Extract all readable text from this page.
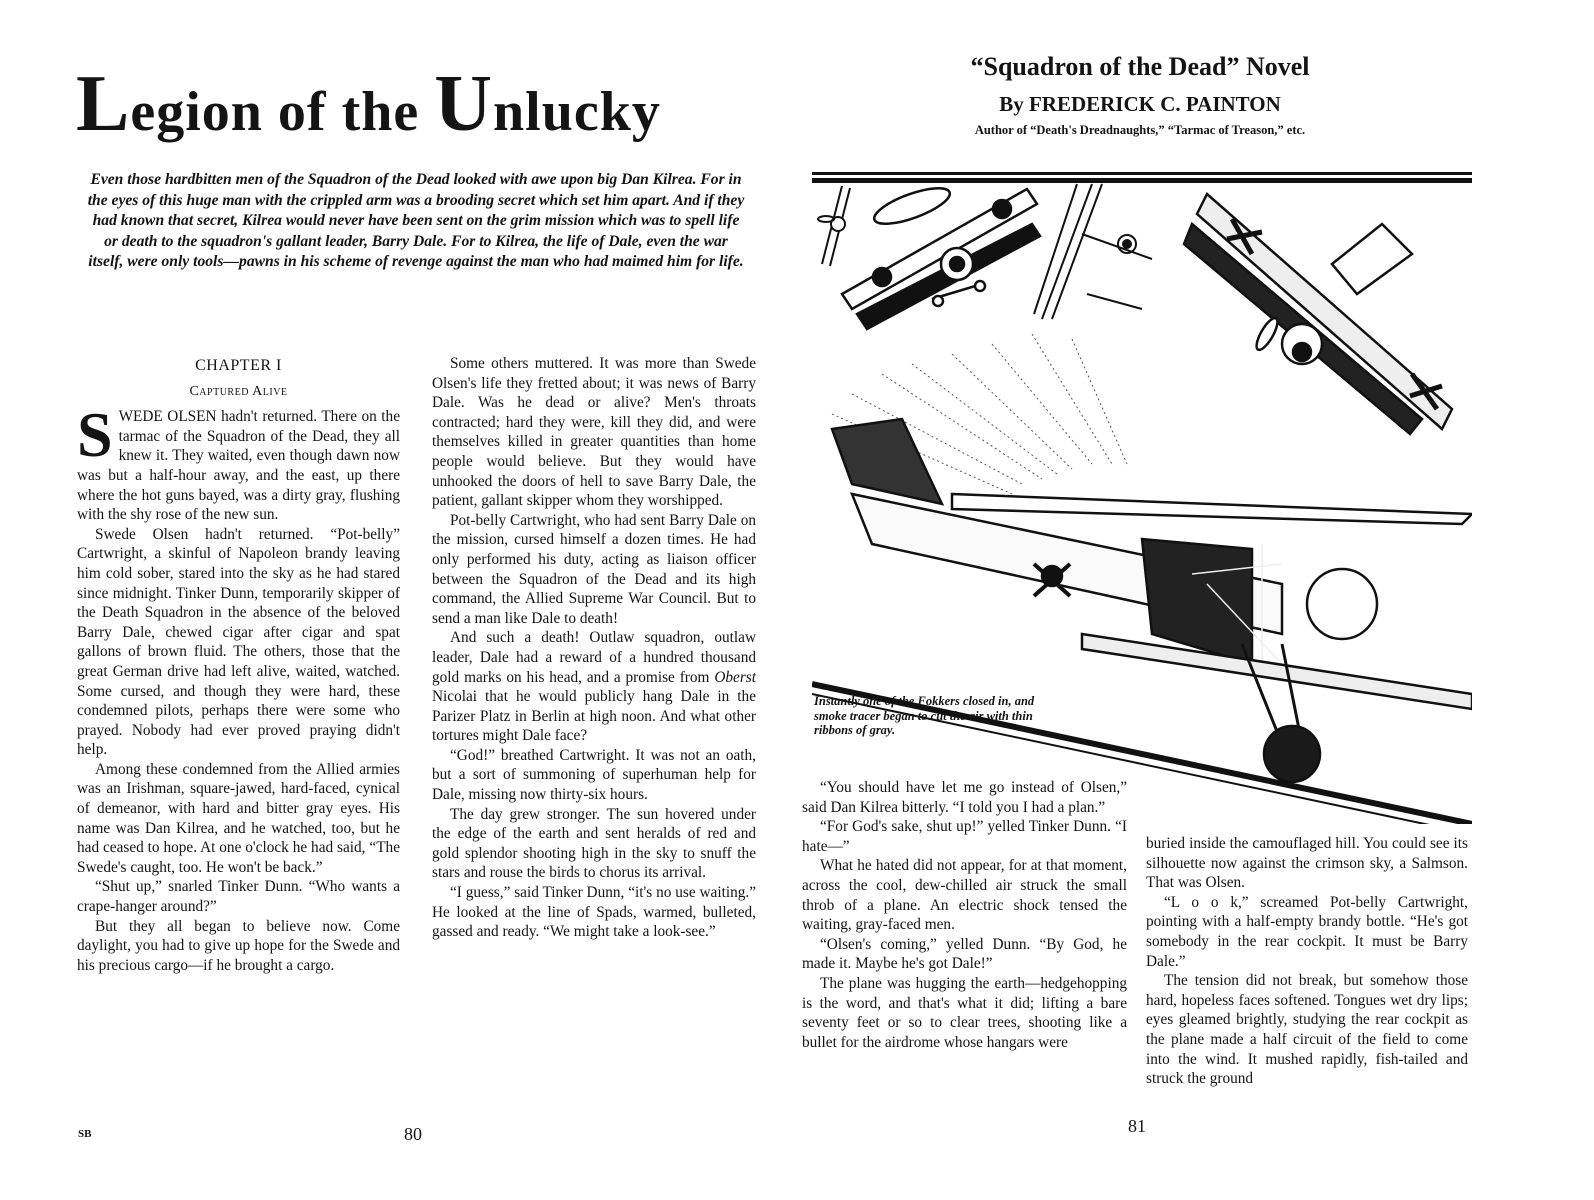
Legion of the Unlucky
Even those hardbitten men of the Squadron of the Dead looked with awe upon big Dan Kilrea. For in the eyes of this huge man with the crippled arm was a brooding secret which set him apart. And if they had known that secret, Kilrea would never have been sent on the grim mission which was to spell life or death to the squadron's gallant leader, Barry Dale. For to Kilrea, the life of Dale, even the war itself, were only tools—pawns in his scheme of revenge against the man who had maimed him for life.
CHAPTER I
Captured Alive

SWEDE OLSEN hadn't returned. There on the tarmac of the Squadron of the Dead, they all knew it. They waited, even though dawn now was but a half-hour away, and the east, up there where the hot guns bayed, was a dirty gray, flushing with the shy rose of the new sun.

Swede Olsen hadn't returned. “Pot-belly” Cartwright, a skinful of Napoleon brandy leaving him cold sober, stared into the sky as he had stared since midnight. Tinker Dunn, temporarily skipper of the Death Squadron in the absence of the beloved Barry Dale, chewed cigar after cigar and spat gallons of brown fluid. The others, those that the great German drive had left alive, waited, watched. Some cursed, and though they were hard, these condemned pilots, perhaps there were some who prayed. Nobody had ever proved praying didn't help.

Among these condemned from the Allied armies was an Irishman, square-jawed, hard-faced, cynical of demeanor, with hard and bitter gray eyes. His name was Dan Kilrea, and he watched, too, but he had ceased to hope. At one o'clock he had said, “The Swede's caught, too. He won't be back.”

“Shut up,” snarled Tinker Dunn. “Who wants a crape-hanger around?”

But they all began to believe now. Come daylight, you had to give up hope for the Swede and his precious cargo—if he brought a cargo.

Some others muttered. It was more than Swede Olsen's life they fretted about; it was news of Barry Dale. Was he dead or alive? Men's throats contracted; hard they were, kill they did, and were themselves killed in greater quantities than home people would believe. But they would have unhooked the doors of hell to save Barry Dale, the patient, gallant skipper whom they worshipped.

Pot-belly Cartwright, who had sent Barry Dale on the mission, cursed himself a dozen times. He had only performed his duty, acting as liaison officer between the Squadron of the Dead and its high command, the Allied Supreme War Council. But to send a man like Dale to death!

And such a death! Outlaw squadron, outlaw leader, Dale had a reward of a hundred thousand gold marks on his head, and a promise from Oberst Nicolai that he would publicly hang Dale in the Parizer Platz in Berlin at high noon. And what other tortures might Dale face?

“God!” breathed Cartwright. It was not an oath, but a sort of summoning of superhuman help for Dale, missing now thirty-six hours.

The day grew stronger. The sun hovered under the edge of the earth and sent heralds of red and gold splendor shooting high in the sky to snuff the stars and rouse the birds to chorus its arrival.

“I guess,” said Tinker Dunn, “it's no use waiting.” He looked at the line of Spads, warmed, bulleted, gassed and ready. “We might take a look-see.”

SB	80
“Squadron of the Dead” Novel
By FREDERICK C. PAINTON
Author of “Death's Dreadnaughts,” “Tarmac of Treason,” etc.
Instantly one of the Fokkers closed in, and smoke tracer began to cut the air with thin ribbons of gray.

“You should have let me go instead of Olsen,” said Dan Kilrea bitterly. “I told you I had a plan.”

“For God's sake, shut up!” yelled Tinker Dunn. “I hate—”

What he hated did not appear, for at that moment, across the cool, dew-chilled air struck the small throb of a plane. An electric shock tensed the waiting, gray-faced men.

“Olsen's coming,” yelled Dunn. “By God, he made it. Maybe he's got Dale!”

The plane was hugging the earth—hedgehopping is the word, and that's what it did; lifting a bare seventy feet or so to clear trees, shooting like a bullet for the airdrome whose hangars were

buried inside the camouflaged hill. You could see its silhouette now against the crimson sky, a Salmson. That was Olsen.

“L o o k,” screamed Pot-belly Cartwright, pointing with a half-empty brandy bottle. “He's got somebody in the rear cockpit. It must be Barry Dale.”

The tension did not break, but somehow those hard, hopeless faces softened. Tongues wet dry lips; eyes gleamed brightly, studying the rear cockpit as the plane made a half circuit of the field to come into the wind. It mushed rapidly, fish-tailed and struck the ground

81
